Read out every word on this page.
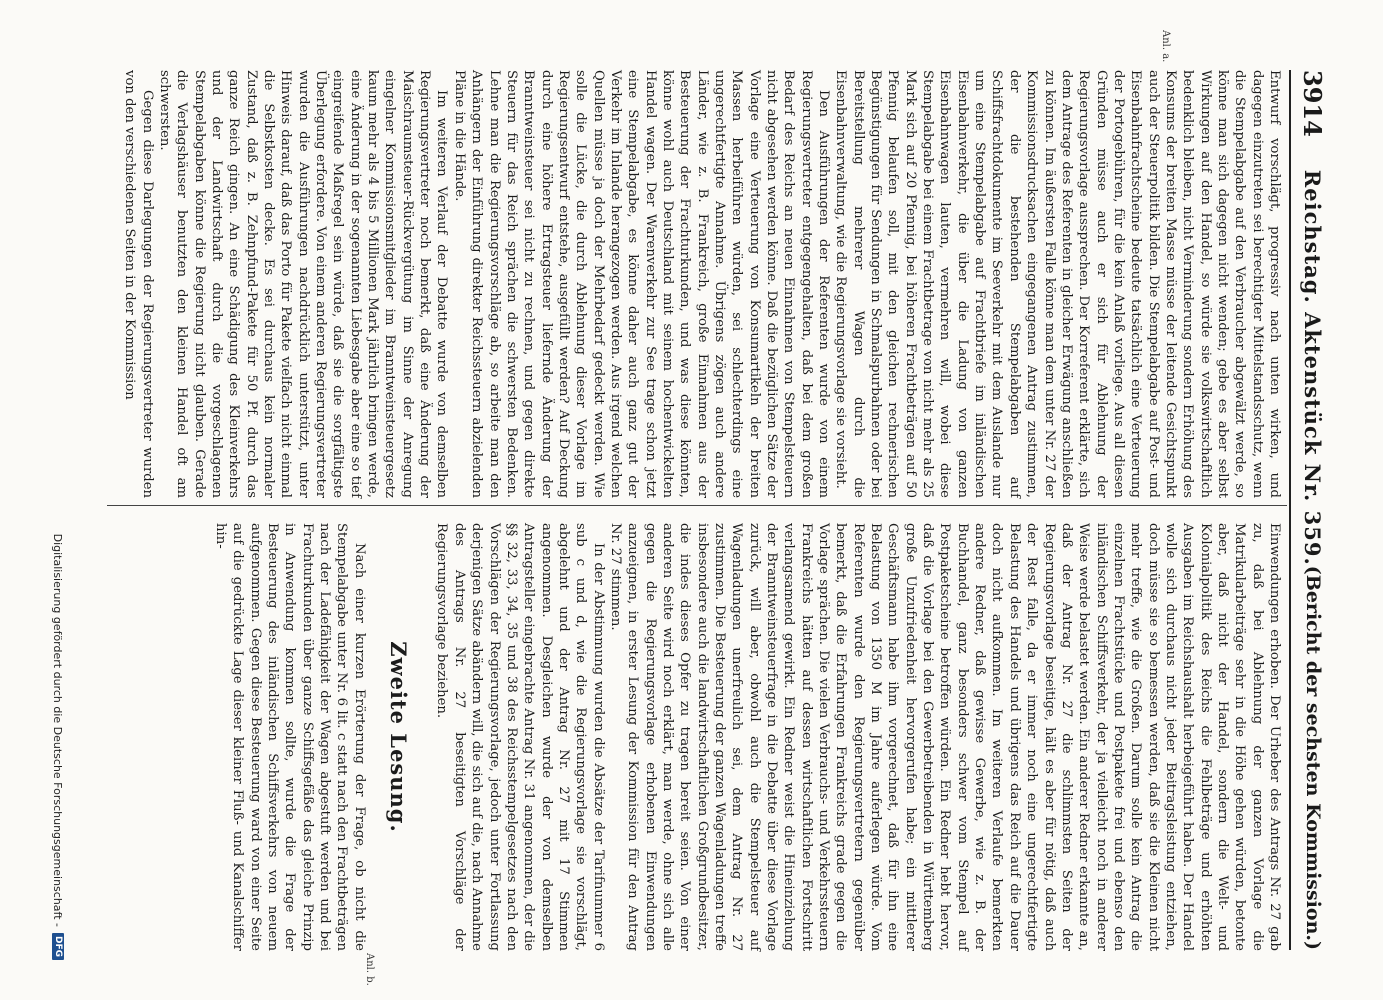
3914
Reichstag. Aktenstück Nr. 359.
(Bericht der sechsten Kommission.)
Anl. a.
Anl. b.

Entwurf vorschlägt, progressiv nach unten wirken, und dagegen einzutreten sei berechtigter Mittelstandsschutz, wenn die Stempelabgabe auf den Verbraucher abgewälzt werde, so könne man sich dagegen nicht wenden; gebe es aber selbst Wirkungen auf den Handel, so würde sie volkswirtschaftlich bedenklich bleiben, nicht Verminderung sondern Erhöhung des Konsums der breiten Masse müsse der leitende Gesichtspunkt auch der Steuerpolitik bilden. Die Stempelabgabe auf Post- und Eisenbahnfrachtscheine bedeute tatsächlich eine Verteuerung der Portogebühren, für die kein Anlaß vorliege. Aus all diesen Gründen müsse auch er sich für Ablehnung der Regierungsvorlage aussprechen. Der Korreferent erklärte, sich dem Antrage des Referenten in gleicher Erwägung anschließen zu können. Im äußersten Falle könne man dem unter Nr. 27 der Kommissionsdrucksachen eingegangenen Antrag zustimmen, der die bestehenden Stempelabgaben auf Schiffsfrachtdokumente im Seeverkehr mit dem Auslande nur um eine Stempelabgabe auf Frachtbriefe im inländischen Eisenbahnverkehr, die über die Ladung von ganzen Eisenbahnwagen lauten, vermehren will, wobei diese Stempelabgabe bei einem Frachtbetrage von nicht mehr als 25 Mark sich auf 20 Pfennig, bei höheren Frachtbeträgen auf 50 Pfennig belaufen soll, mit den gleichen rechnerischen Begünstigungen für Sendungen in Schmalspurbahnen oder bei Bereitstellung mehrerer Wagen durch die Eisenbahnverwaltung, wie die Regierungsvorlage sie vorsieht.

Den Ausführungen der Referenten wurde von einem Regierungsvertreter entgegengehalten, daß bei dem großen Bedarf des Reichs an neuen Einnahmen von Stempelsteuern nicht abgesehen werden könne. Daß die bezüglichen Sätze der Vorlage eine Verteuerung von Konsumartikeln der breiten Massen herbeiführen würden, sei schlechterdings eine ungerechtfertigte Annahme. Übrigens zögen auch andere Länder, wie z. B. Frankreich, große Einnahmen aus der Besteuerung der Frachturkunden, und was diese könnten, könne wohl auch Deutschland mit seinem hochentwickelten Handel wagen. Der Warenverkehr zur See trage schon jetzt eine Stempelabgabe, es könne daher auch ganz gut der Verkehr im Inlande herangezogen werden. Aus irgend welchen Quellen müsse ja doch der Mehrbedarf gedeckt werden. Wie solle die Lücke, die durch Ablehnung dieser Vorlage im Regierungsentwurf entstehe, ausgefüllt werden? Auf Deckung durch eine höhere Ertragsteuer liefernde Änderung der Branntweinsteuer sei nicht zu rechnen, und gegen direkte Steuern für das Reich sprächen die schwersten Bedenken. Lehne man die Regierungsvorschläge ab, so arbeite man den Anhängern der Einführung direkter Reichssteuern abzielenden Pläne in die Hände.

Im weiteren Verlauf der Debatte wurde von demselben Regierungsvertreter noch bemerkt, daß eine Änderung der Maischraumsteuer-Rückvergütung im Sinne der Anregung eingelner Kommissionsmitglieder im Branntweinsteuergesetz kaum mehr als 4 bis 5 Millionen Mark jährlich bringen werde, eine Änderung in der sogenannten Liebesgabe aber eine so tief eingreifende Maßregel sein würde, daß sie die sorgfältigste Überlegung erfordere. Von einem anderen Regierungsvertreter wurden die Ausführungen nachdrücklich unterstützt, unter Hinweis darauf, daß das Porto für Pakete vielfach nicht einmal die Selbstkosten decke. Es sei durchaus kein normaler Zustand, daß z. B. Zehnpfund-Pakete für 50 Pf. durch das ganze Reich gingen. An eine Schädigung des Kleinverkehrs und der Landwirtschaft durch die vorgeschlagenen Stempelabgaben könne die Regierung nicht glauben. Gerade die Verlagshäuser benutzten den kleinen Handel oft am schwersten.

Gegen diese Darlegungen der Regierungsvertreter wurden von den verschiedenen Seiten in der Kommission

Einwendungen erhoben. Der Urheber des Antrags Nr. 27 gab zu, daß bei Ablehnung der ganzen Vorlage die Matrikularbeiträge sehr in die Höhe gehen würden, betonte aber, daß nicht der Handel, sondern die Welt- und Kolonialpolitik des Reichs die Fehlbeträge und erhöhten Ausgaben im Reichshaushalt herbeigeführt haben. Der Handel wolle sich durchaus nicht jeder Beitragsleistung entziehen, doch müsse sie so bemessen werden, daß sie die Kleinen nicht mehr treffe, wie die Großen. Darum solle kein Antrag die einzelnen Frachtstücke und Postpakete frei und ebenso den inländischen Schiffsverkehr, der ja vielleicht noch in anderer Weise werde belastet werden. Ein anderer Redner erkannte an, daß der Antrag Nr. 27 die schlimmsten Seiten der Regierungsvorlage beseitige, hält es aber für nötig, daß auch der Rest falle, da er immer noch eine ungerechtfertigte Belastung des Handels und übrigens das Reich auf die Dauer doch nicht aufkommen. Im weiteren Verlaufe bemerkten andere Redner, daß gewisse Gewerbe, wie z. B. der Buchhandel, ganz besonders schwer vom Stempel auf Postpaketscheine betroffen würden. Ein Redner hebt hervor, daß die Vorlage bei den Gewerbetreibenden in Württemberg große Unzufriedenheit hervorgerufen habe; ein mittlerer Geschäftsmann habe ihm vorgerechnet, daß für ihn eine Belastung von 1350 M im Jahre auferlegen würde. Vom Referenten wurde den Regierungsvertretern gegenüber bemerkt, daß die Erfahrungen Frankreichs grade gegen die Vorlage sprächen. Die vielen Verbrauchs- und Verkehrssteuern Frankreichs hätten auf dessen wirtschaftlichen Fortschritt verlangsamend gewirkt. Ein Redner weist die Hineinziehung der Branntweinsteuerfrage in die Debatte über diese Vorlage zurück, will aber, obwohl auch die Stempelsteuer auf Wagenladungen unerfreulich sei, dem Antrag Nr. 27 zustimmen. Die Besteuerung der ganzen Wagenladungen treffe insbesondere auch die landwirtschaftlichen Großgrundbesitzer, die indes dieses Opfer zu tragen bereit seien. Von einer anderen Seite wird noch erklärt, man werde, ohne sich alle gegen die Regierungsvorlage erhobenen Einwendungen anzueignen, in erster Lesung der Kommission für den Antrag Nr. 27 stimmen.

In der Abstimmung wurden die Absätze der Tarifnummer 6 sub c und d, wie die Regierungsvorlage sie vorschlägt, abgelehnt und der Antrag Nr. 27 mit 17 Stimmen angenommen. Desgleichen wurde der von demselben Antragsteller eingebrachte Antrag Nr. 31 angenommen, der die §§ 32, 33, 34, 35 und 38 des Reichsstempelgesetzes nach den Vorschlägen der Regierungsvorlage, jedoch unter Fortlassung derjenigen Sätze abändern will, die sich auf die, nach Annahme des Antrags Nr. 27 beseitigten Vorschläge der Regierungsvorlage beziehen.

Zweite Lesung.

Nach einer kurzen Erörterung der Frage, ob nicht die Stempelabgabe unter Nr. 6 lit. c statt nach den Frachtbeträgen nach der Ladefähigkeit der Wagen abgestuft werden und bei Frachturkunden über ganze Schiffsgefäße das gleiche Prinzip in Anwendung kommen sollte, wurde die Frage der Besteuerung des inländischen Schiffsverkehrs von neuem aufgenommen. Gegen diese Besteuerung ward von einer Seite auf die gedrückte Lage dieser kleiner Fluß- und Kanalschiffer hin-

Digitalisierung gefördert durch die Deutsche Forschungsgemeinschaft -
DFG
